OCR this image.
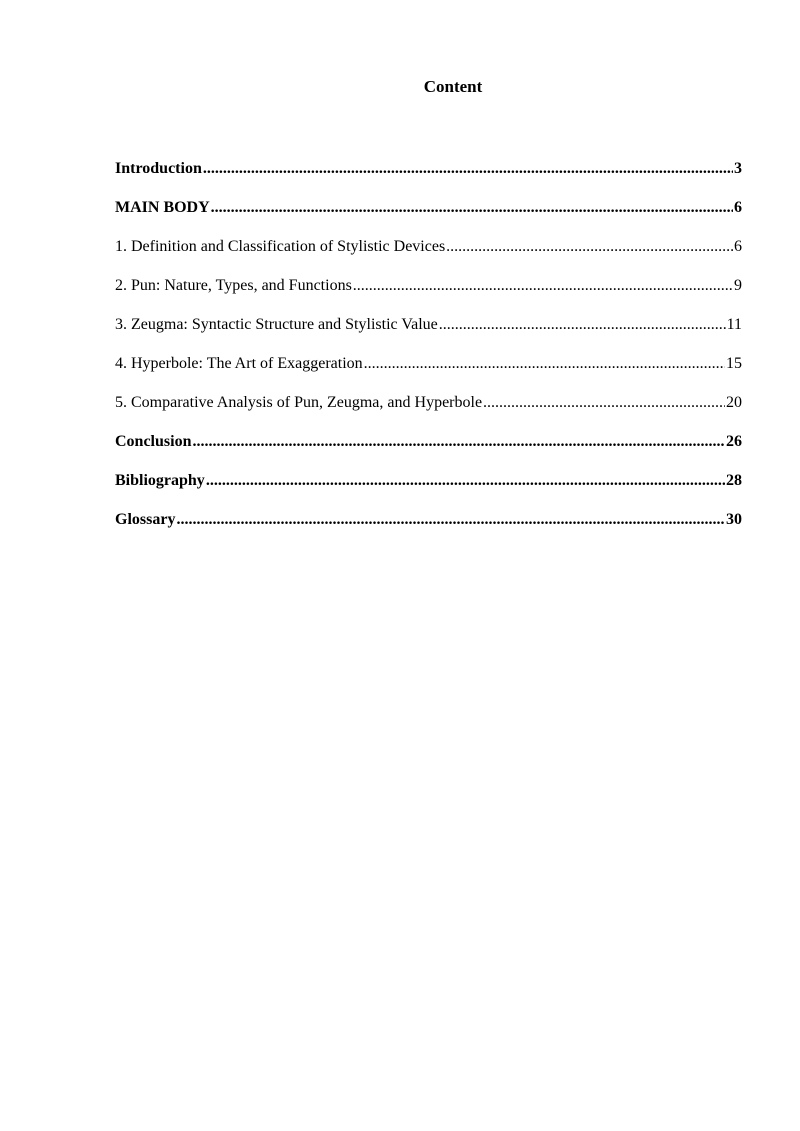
Content
Introduction .....	3
MAIN BODY .....	6
1. Definition and Classification of Stylistic Devices .....	6
2. Pun: Nature, Types, and Functions .....	9
3. Zeugma: Syntactic Structure and Stylistic Value .....	11
4. Hyperbole: The Art of Exaggeration .....	15
5. Comparative Analysis of Pun, Zeugma, and Hyperbole .....	20
Conclusion .....	26
Bibliography .....	28
Glossary .....	30
